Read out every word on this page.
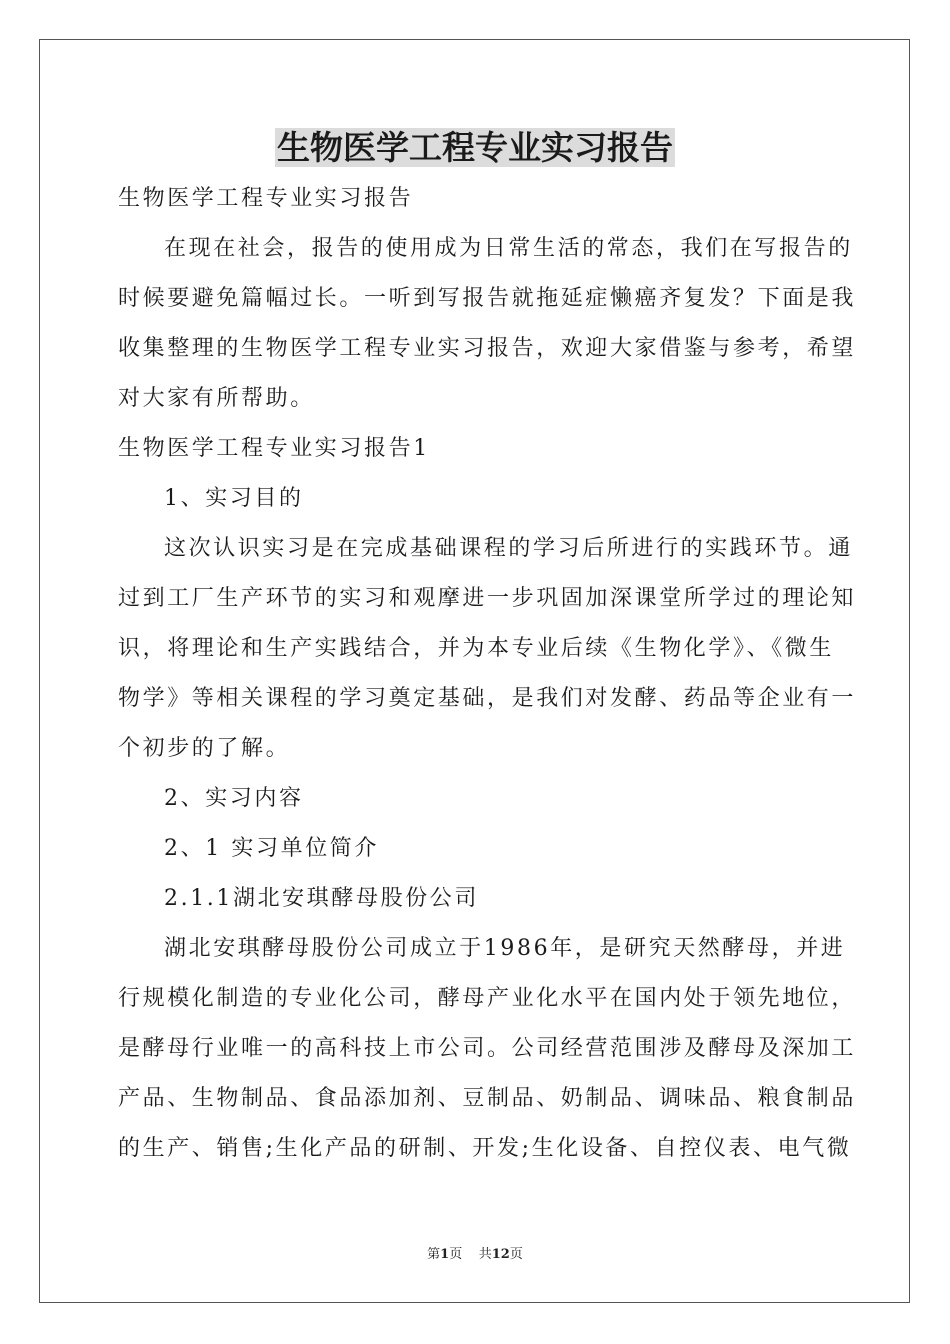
生物医学工程专业实习报告
生物医学工程专业实习报告
在现在社会，报告的使用成为日常生活的常态，我们在写报告的
时候要避免篇幅过长。一听到写报告就拖延症懒癌齐复发？下面是我
收集整理的生物医学工程专业实习报告，欢迎大家借鉴与参考，希望
对大家有所帮助。
生物医学工程专业实习报告1
1、实习目的
这次认识实习是在完成基础课程的学习后所进行的实践环节。通
过到工厂生产环节的实习和观摩进一步巩固加深课堂所学过的理论知
识，将理论和生产实践结合，并为本专业后续《生物化学》、《微生
物学》等相关课程的学习奠定基础，是我们对发酵、药品等企业有一
个初步的了解。
2、实习内容
2、1 实习单位简介
2.1.1湖北安琪酵母股份公司
湖北安琪酵母股份公司成立于1986年，是研究天然酵母，并进
行规模化制造的专业化公司，酵母产业化水平在国内处于领先地位，
是酵母行业唯一的高科技上市公司。公司经营范围涉及酵母及深加工
产品、生物制品、食品添加剂、豆制品、奶制品、调味品、粮食制品
的生产、销售;生化产品的研制、开发;生化设备、自控仪表、电气微
第1页 共12页
